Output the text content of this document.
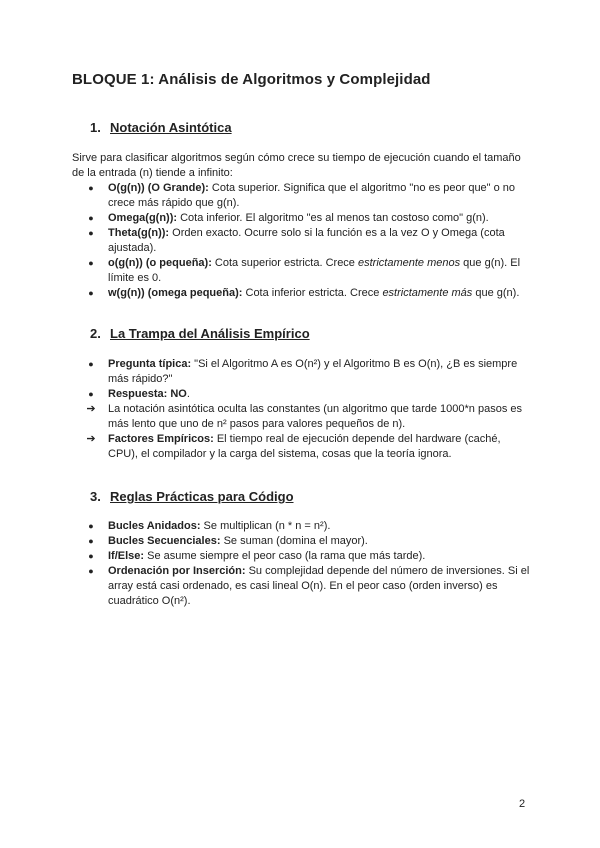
BLOQUE 1: Análisis de Algoritmos y Complejidad
1. Notación Asintótica

Sirve para clasificar algoritmos según cómo crece su tiempo de ejecución cuando el tamaño de la entrada (n) tiende a infinito:

●	O(g(n)) (O Grande): Cota superior. Significa que el algoritmo "no es peor que" o no crece más rápido que g(n).
●	Omega(g(n)): Cota inferior. El algoritmo "es al menos tan costoso como" g(n).
●	Theta(g(n)): Orden exacto. Ocurre solo si la función es a la vez O y Omega (cota ajustada).
●	o(g(n)) (o pequeña): Cota superior estricta. Crece estrictamente menos que g(n). El límite es 0.
●	w(g(n)) (omega pequeña): Cota inferior estricta. Crece estrictamente más que g(n).
2. La Trampa del Análisis Empírico
●	Pregunta típica: "Si el Algoritmo A es O(n²) y el Algoritmo B es O(n), ¿B es siempre más rápido?"
●	Respuesta: NO.
➔ La notación asintótica oculta las constantes (un algoritmo que tarde 1000*n pasos es más lento que uno de n² pasos para valores pequeños de n).
➔ Factores Empíricos: El tiempo real de ejecución depende del hardware (caché, CPU), el compilador y la carga del sistema, cosas que la teoría ignora.
3. Reglas Prácticas para Código
●	Bucles Anidados: Se multiplican (n * n = n²).
●	Bucles Secuenciales: Se suman (domina el mayor).
●	If/Else: Se asume siempre el peor caso (la rama que más tarde).
●	Ordenación por Inserción: Su complejidad depende del número de inversiones. Si el array está casi ordenado, es casi lineal O(n). En el peor caso (orden inverso) es cuadrático O(n²).
2
